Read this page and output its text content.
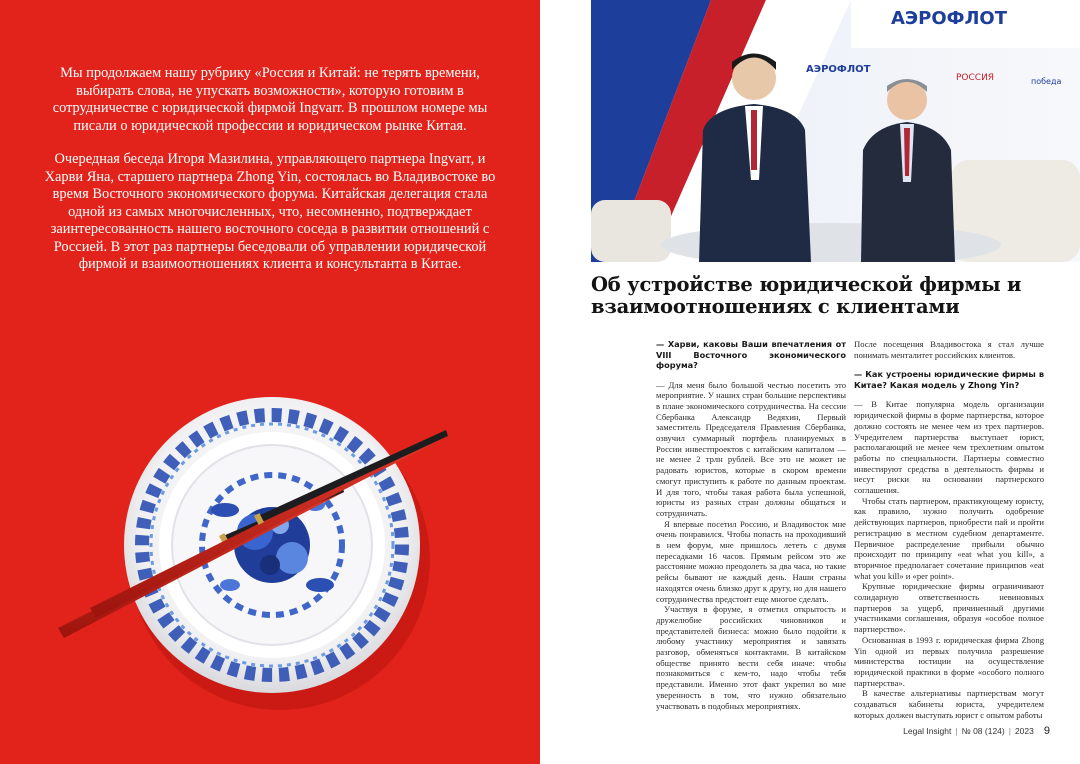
Мы продолжаем нашу рубрику «Россия и Китай: не терять времени, выбирать слова, не упускать возможности», которую готовим в сотрудничестве с юридической фирмой Ingvarr. В прошлом номере мы писали о юридической профессии и юридическом рынке Китая.

Очередная беседа Игоря Мазилина, управляющего партнера Ingvarr, и Харви Яна, старшего партнера Zhong Yin, состоялась во Владивостоке во время Восточного экономического форума. Китайская делегация стала одной из самых многочисленных, что, несомненно, подтверждает заинтересованность нашего восточного соседа в развитии отношений с Россией. В этот раз партнеры беседовали об управлении юридической фирмой и взаимоотношениях клиента и консультанта в Китае.

АЭРОФЛОТ
АЭРОФЛОТ
РОССИЯ	победа
Об устройстве юридической фирмы и взаимоотношениях с клиентами

— Харви, каковы Ваши впечатления от VIII Восточного экономического форума?

— Для меня было большой честью посетить это мероприятие. У наших стран большие перспективы в плане экономического сотрудничества. На сессии Сбербанка Александр Ведяхин, Первый заместитель Председателя Правления Сбербанка, озвучил суммарный портфель планируемых в России инвестпроектов с китайским капиталом — не менее 2 трлн рублей. Все это не может не радовать юристов, которые в скором времени смогут приступить к работе по данным проектам. И для того, чтобы такая работа была успешной, юристы из разных стран должны общаться и сотрудничать.

Я впервые посетил Россию, и Владивосток мне очень понравился. Чтобы попасть на проходивший в нем форум, мне пришлось лететь с двумя пересадками 16 часов. Прямым рейсом это же расстояние можно преодолеть за два часа, но такие рейсы бывают не каждый день. Наши страны находятся очень близко друг к другу, но для нашего сотрудничества предстоит еще многое сделать.

Участвуя в форуме, я отметил открытость и дружелюбие российских чиновников и представителей бизнеса: можно было подойти к любому участнику мероприятия и завязать разговор, обменяться контактами. В китайском обществе принято вести себя иначе: чтобы познакомиться с кем-то, надо чтобы тебя представили. Именно этот факт укрепил во мне уверенность в том, что нужно обязательно участвовать в подобных мероприятиях.

После посещения Владивостока я стал лучше понимать менталитет российских клиентов.

— Как устроены юридические фирмы в Китае? Какая модель у Zhong Yin?

— В Китае популярна модель организации юридической фирмы в форме партнерства, которое должно состоять не менее чем из трех партнеров. Учредителем партнерства выступает юрист, располагающий не менее чем трехлетним опытом работы по специальности. Партнеры совместно инвестируют средства в деятельность фирмы и несут риски на основании партнерского соглашения.

Чтобы стать партнером, практикующему юристу, как правило, нужно получить одобрение действующих партнеров, приобрести пай и пройти регистрацию в местном судебном департаменте. Первичное распределение прибыли обычно происходит по принципу «eat what you kill», а вторичное предполагает сочетание принципов «eat what you kill» и «per point».

Крупные юридические фирмы ограничивают солидарную ответственность невиновных партнеров за ущерб, причиненный другими участниками соглашения, образуя «особое полное партнерство».

Основанная в 1993 г. юридическая фирма Zhong Yin одной из первых получила разрешение министерства юстиции на осуществление юридической практики в форме «особого полного партнерства».

В качестве альтернативы партнерствам могут создаваться кабинеты юриста, учредителем которых должен выступать юрист с опытом работы

Legal Insight | № 08 (124) | 2023 9
